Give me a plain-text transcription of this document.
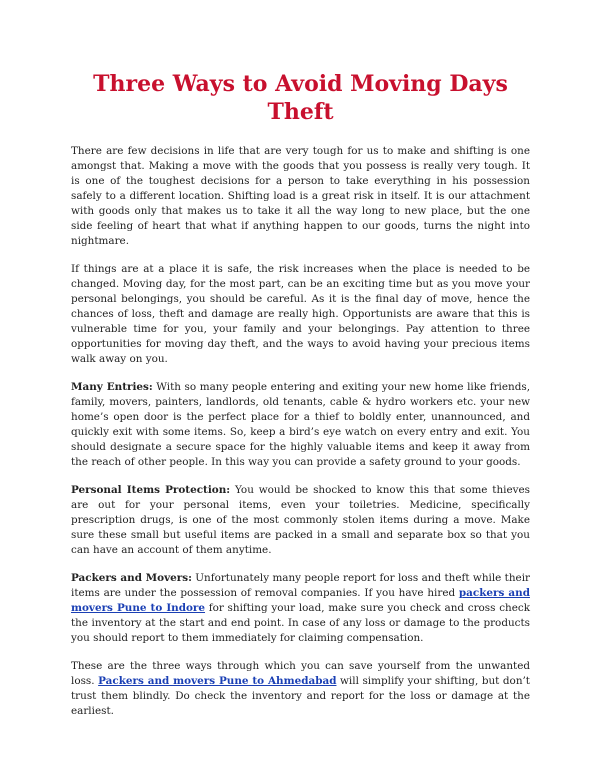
Three Ways to Avoid Moving Days Theft

There are few decisions in life that are very tough for us to make and shifting is one amongst that. Making a move with the goods that you possess is really very tough. It is one of the toughest decisions for a person to take everything in his possession safely to a different location. Shifting load is a great risk in itself. It is our attachment with goods only that makes us to take it all the way long to new place, but the one side feeling of heart that what if anything happen to our goods, turns the night into nightmare.

If things are at a place it is safe, the risk increases when the place is needed to be changed. Moving day, for the most part, can be an exciting time but as you move your personal belongings, you should be careful. As it is the final day of move, hence the chances of loss, theft and damage are really high. Opportunists are aware that this is vulnerable time for you, your family and your belongings. Pay attention to three opportunities for moving day theft, and the ways to avoid having your precious items walk away on you.

Many Entries: With so many people entering and exiting your new home like friends, family, movers, painters, landlords, old tenants, cable & hydro workers etc. your new home’s open door is the perfect place for a thief to boldly enter, unannounced, and quickly exit with some items. So, keep a bird’s eye watch on every entry and exit. You should designate a secure space for the highly valuable items and keep it away from the reach of other people. In this way you can provide a safety ground to your goods.

Personal Items Protection: You would be shocked to know this that some thieves are out for your personal items, even your toiletries. Medicine, specifically prescription drugs, is one of the most commonly stolen items during a move. Make sure these small but useful items are packed in a small and separate box so that you can have an account of them anytime.

Packers and Movers: Unfortunately many people report for loss and theft while their items are under the possession of removal companies. If you have hired packers and movers Pune to Indore for shifting your load, make sure you check and cross check the inventory at the start and end point. In case of any loss or damage to the products you should report to them immediately for claiming compensation.

These are the three ways through which you can save yourself from the unwanted loss. Packers and movers Pune to Ahmedabad will simplify your shifting, but don’t trust them blindly. Do check the inventory and report for the loss or damage at the earliest.
